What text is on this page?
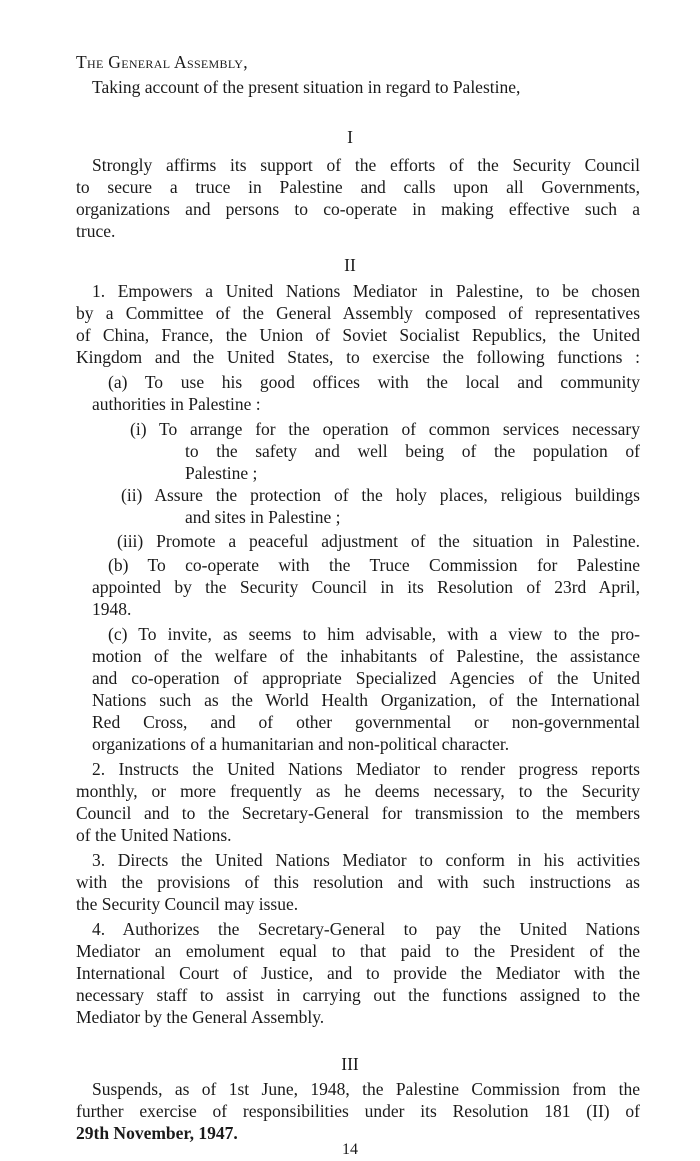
The General Assembly,

Taking account of the present situation in regard to Palestine,

I

Strongly affirms its support of the efforts of the Security Council

to secure a truce in Palestine and calls upon all Governments,

organizations and persons to co-operate in making effective such a

truce.

II

1. Empowers a United Nations Mediator in Palestine, to be chosen

by a Committee of the General Assembly composed of representatives

of China, France, the Union of Soviet Socialist Republics, the United

Kingdom and the United States, to exercise the following functions :

(a) To use his good offices with the local and community

authorities in Palestine :

(i) To arrange for the operation of common services necessary

to the safety and well being of the population of

Palestine ;

(ii) Assure the protection of the holy places, religious buildings

and sites in Palestine ;

(iii) Promote a peaceful adjustment of the situation in Palestine.

(b) To co-operate with the Truce Commission for Palestine

appointed by the Security Council in its Resolution of 23rd April,

1948.

(c) To invite, as seems to him advisable, with a view to the pro-

motion of the welfare of the inhabitants of Palestine, the assistance

and co-operation of appropriate Specialized Agencies of the United

Nations such as the World Health Organization, of the International

Red Cross, and of other governmental or non-governmental

organizations of a humanitarian and non-political character.

2. Instructs the United Nations Mediator to render progress reports

monthly, or more frequently as he deems necessary, to the Security

Council and to the Secretary-General for transmission to the members

of the United Nations.

3. Directs the United Nations Mediator to conform in his activities

with the provisions of this resolution and with such instructions as

the Security Council may issue.

4. Authorizes the Secretary-General to pay the United Nations

Mediator an emolument equal to that paid to the President of the

International Court of Justice, and to provide the Mediator with the

necessary staff to assist in carrying out the functions assigned to the

Mediator by the General Assembly.

III

Suspends, as of 1st June, 1948, the Palestine Commission from the

further exercise of responsibilities under its Resolution 181 (II) of

29th November, 1947.

14
